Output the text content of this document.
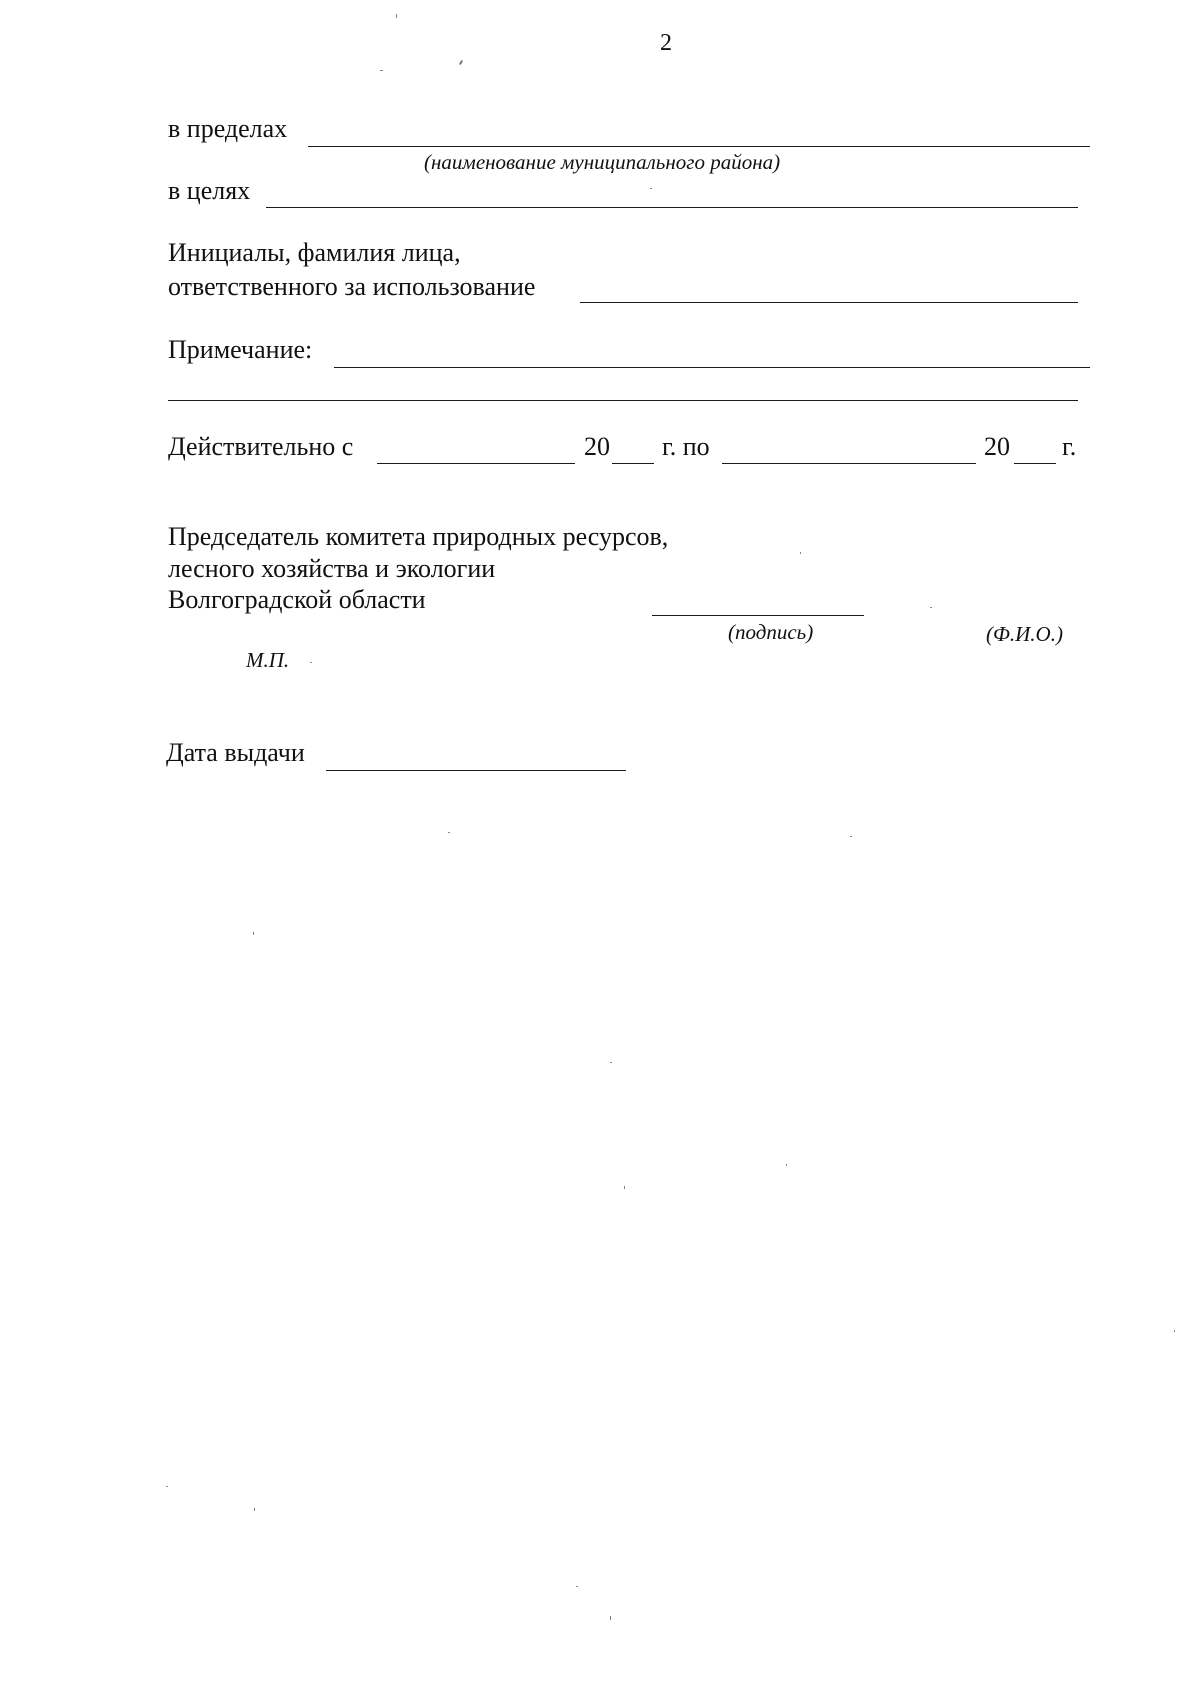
2
в пределах
(наименование муниципального района)
в целях
Инициалы, фамилия лица,
ответственного за использование
Примечание:
Действительно с	20 г. по	20 г.
Председатель комитета природных ресурсов,
лесного хозяйства и экологии
Волгоградской области
(подпись)	(Ф.И.О.)
М.П.
Дата выдачи
